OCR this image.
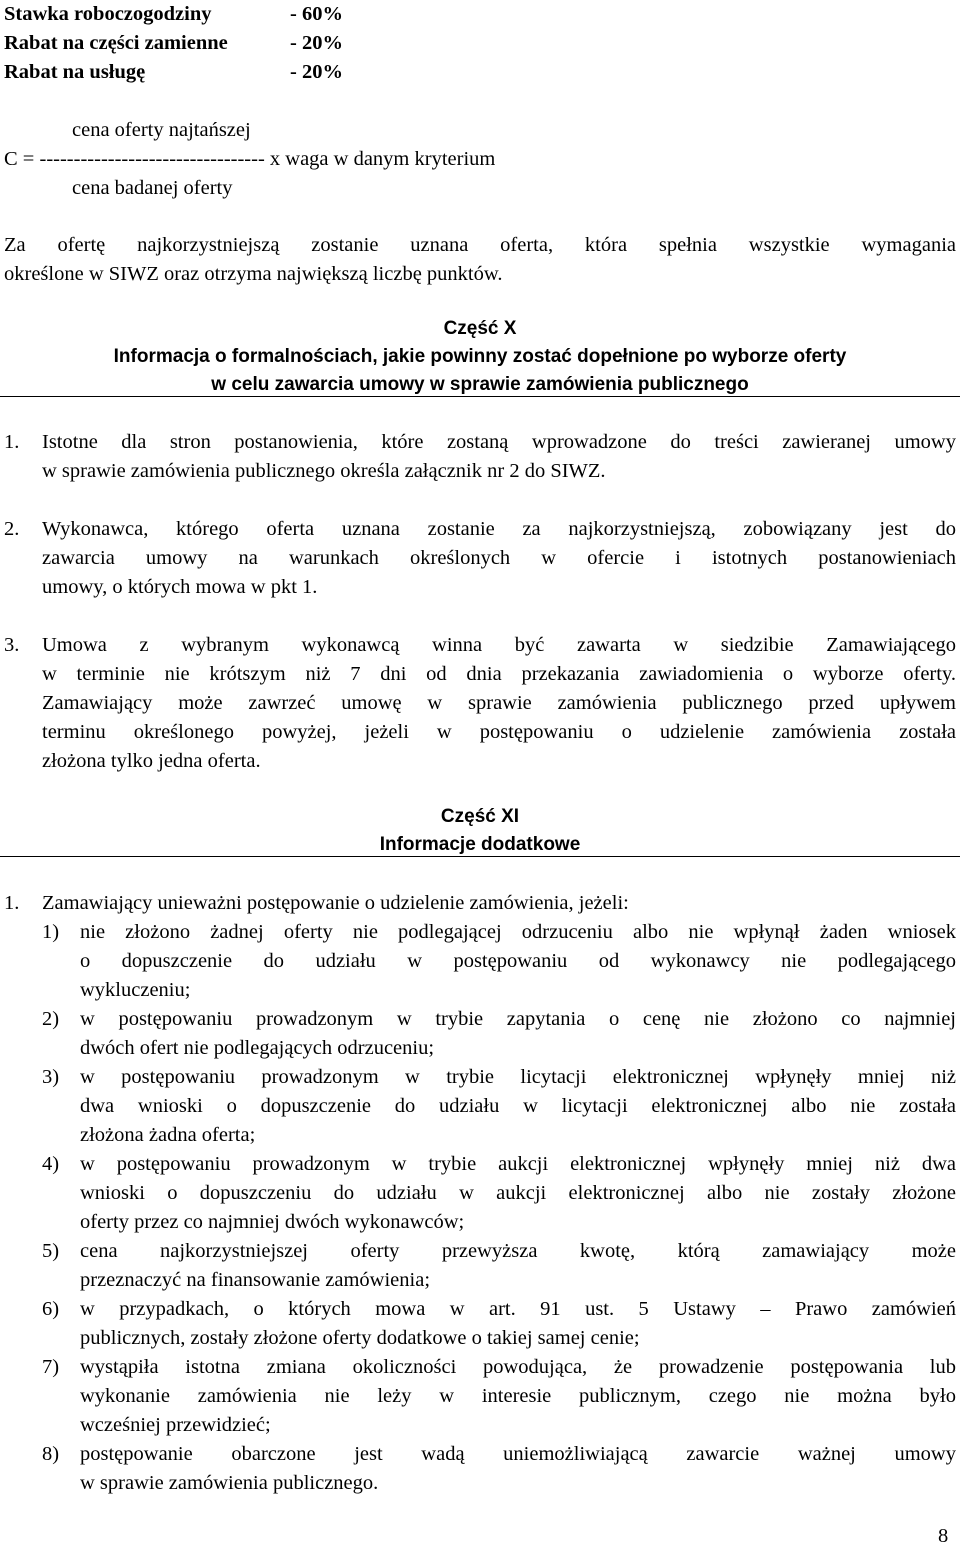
Stawka roboczogodziny	- 60%
Rabat na części zamienne	- 20%
Rabat na usługę	- 20%
cena oferty najtańszej
C = --------------------------------- x waga w danym kryterium
cena badanej oferty
Za ofertę najkorzystniejszą zostanie uznana oferta, która spełnia wszystkie wymagania
określone w SIWZ oraz otrzyma największą liczbę punktów.
Część X
Informacja o formalnościach, jakie powinny zostać dopełnione po wyborze oferty
w celu zawarcia umowy w sprawie zamówienia publicznego
1. Istotne dla stron postanowienia, które zostaną wprowadzone do treści zawieranej umowy
w sprawie zamówienia publicznego określa załącznik nr 2 do SIWZ.
2. Wykonawca, którego oferta uznana zostanie za najkorzystniejszą, zobowiązany jest do
zawarcia umowy na warunkach określonych w ofercie i istotnych postanowieniach
umowy, o których mowa w pkt 1.
3. Umowa z wybranym wykonawcą winna być zawarta w siedzibie Zamawiającego
w terminie nie krótszym niż 7 dni od dnia przekazania zawiadomienia o wyborze oferty.
Zamawiający może zawrzeć umowę w sprawie zamówienia publicznego przed upływem
terminu określonego powyżej, jeżeli w postępowaniu o udzielenie zamówienia została
złożona tylko jedna oferta.
Część XI
Informacje dodatkowe
1. Zamawiający unieważni postępowanie o udzielenie zamówienia, jeżeli:
1) nie złożono żadnej oferty nie podlegającej odrzuceniu albo nie wpłynął żaden wniosek
o dopuszczenie do udziału w postępowaniu od wykonawcy nie podlegającego
wykluczeniu;
2) w postępowaniu prowadzonym w trybie zapytania o cenę nie złożono co najmniej
dwóch ofert nie podlegających odrzuceniu;
3) w postępowaniu prowadzonym w trybie licytacji elektronicznej wpłynęły mniej niż
dwa wnioski o dopuszczenie do udziału w licytacji elektronicznej albo nie została
złożona żadna oferta;
4) w postępowaniu prowadzonym w trybie aukcji elektronicznej wpłynęły mniej niż dwa
wnioski o dopuszczeniu do udziału w aukcji elektronicznej albo nie zostały złożone
oferty przez co najmniej dwóch wykonawców;
5) cena najkorzystniejszej oferty przewyższa kwotę, którą zamawiający może
przeznaczyć na finansowanie zamówienia;
6) w przypadkach, o których mowa w art. 91 ust. 5 Ustawy – Prawo zamówień
publicznych, zostały złożone oferty dodatkowe o takiej samej cenie;
7) wystąpiła istotna zmiana okoliczności powodująca, że prowadzenie postępowania lub
wykonanie zamówienia nie leży w interesie publicznym, czego nie można było
wcześniej przewidzieć;
8) postępowanie obarczone jest wadą uniemożliwiającą zawarcie ważnej umowy
w sprawie zamówienia publicznego.
8
